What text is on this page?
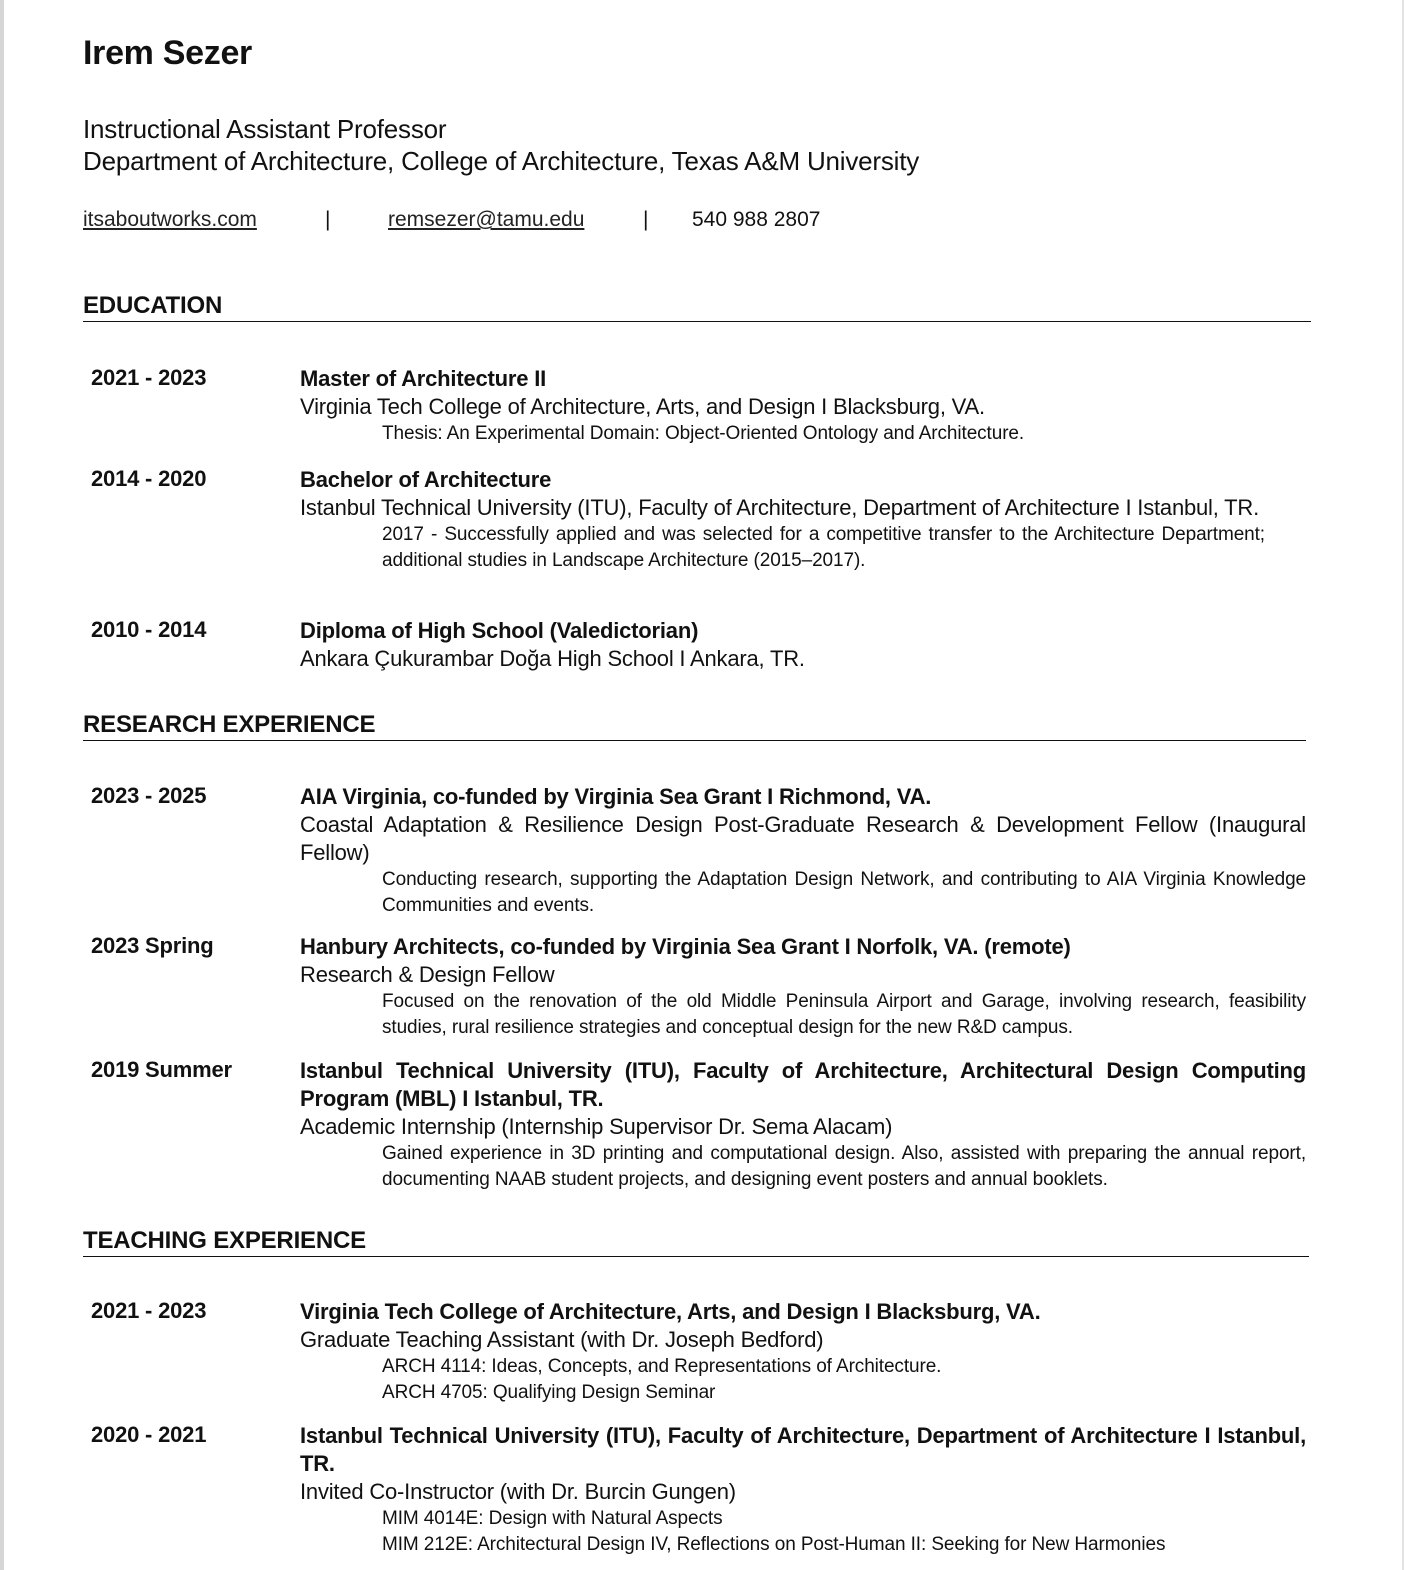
Irem Sezer
Instructional Assistant Professor
Department of Architecture, College of Architecture, Texas A&M University
itsaboutworks.com	|	remsezer@tamu.edu	| 540 988 2807
EDUCATION
2021 - 2023	Master of Architecture II
Virginia Tech College of Architecture, Arts, and Design I Blacksburg, VA.
Thesis: An Experimental Domain: Object-Oriented Ontology and Architecture.
2014 - 2020	Bachelor of Architecture
Istanbul Technical University (ITU), Faculty of Architecture, Department of Architecture I Istanbul, TR.
2017 - Successfully applied and was selected for a competitive transfer to the Architecture Department; additional studies in Landscape Architecture (2015–2017).
2010 - 2014	Diploma of High School (Valedictorian)
Ankara Çukurambar Doğa High School I Ankara, TR.
RESEARCH EXPERIENCE
2023 - 2025	AIA Virginia, co-funded by Virginia Sea Grant I Richmond, VA.
Coastal Adaptation & Resilience Design Post-Graduate Research & Development Fellow (Inaugural Fellow)
Conducting research, supporting the Adaptation Design Network, and contributing to AIA Virginia Knowledge Communities and events.
2023 Spring	Hanbury Architects, co-funded by Virginia Sea Grant I Norfolk, VA. (remote)
Research & Design Fellow
Focused on the renovation of the old Middle Peninsula Airport and Garage, involving research, feasibility studies, rural resilience strategies and conceptual design for the new R&D campus.
2019 Summer	Istanbul Technical University (ITU), Faculty of Architecture, Architectural Design Computing Program (MBL) I Istanbul, TR.
Academic Internship (Internship Supervisor Dr. Sema Alacam)
Gained experience in 3D printing and computational design. Also, assisted with preparing the annual report, documenting NAAB student projects, and designing event posters and annual booklets.
TEACHING EXPERIENCE
2021 - 2023	Virginia Tech College of Architecture, Arts, and Design I Blacksburg, VA.
Graduate Teaching Assistant (with Dr. Joseph Bedford)
ARCH 4114: Ideas, Concepts, and Representations of Architecture.
ARCH 4705: Qualifying Design Seminar
2020 - 2021	Istanbul Technical University (ITU), Faculty of Architecture, Department of Architecture I Istanbul, TR.
Invited Co-Instructor (with Dr. Burcin Gungen)
MIM 4014E: Design with Natural Aspects
MIM 212E: Architectural Design IV, Reflections on Post-Human II: Seeking for New Harmonies
